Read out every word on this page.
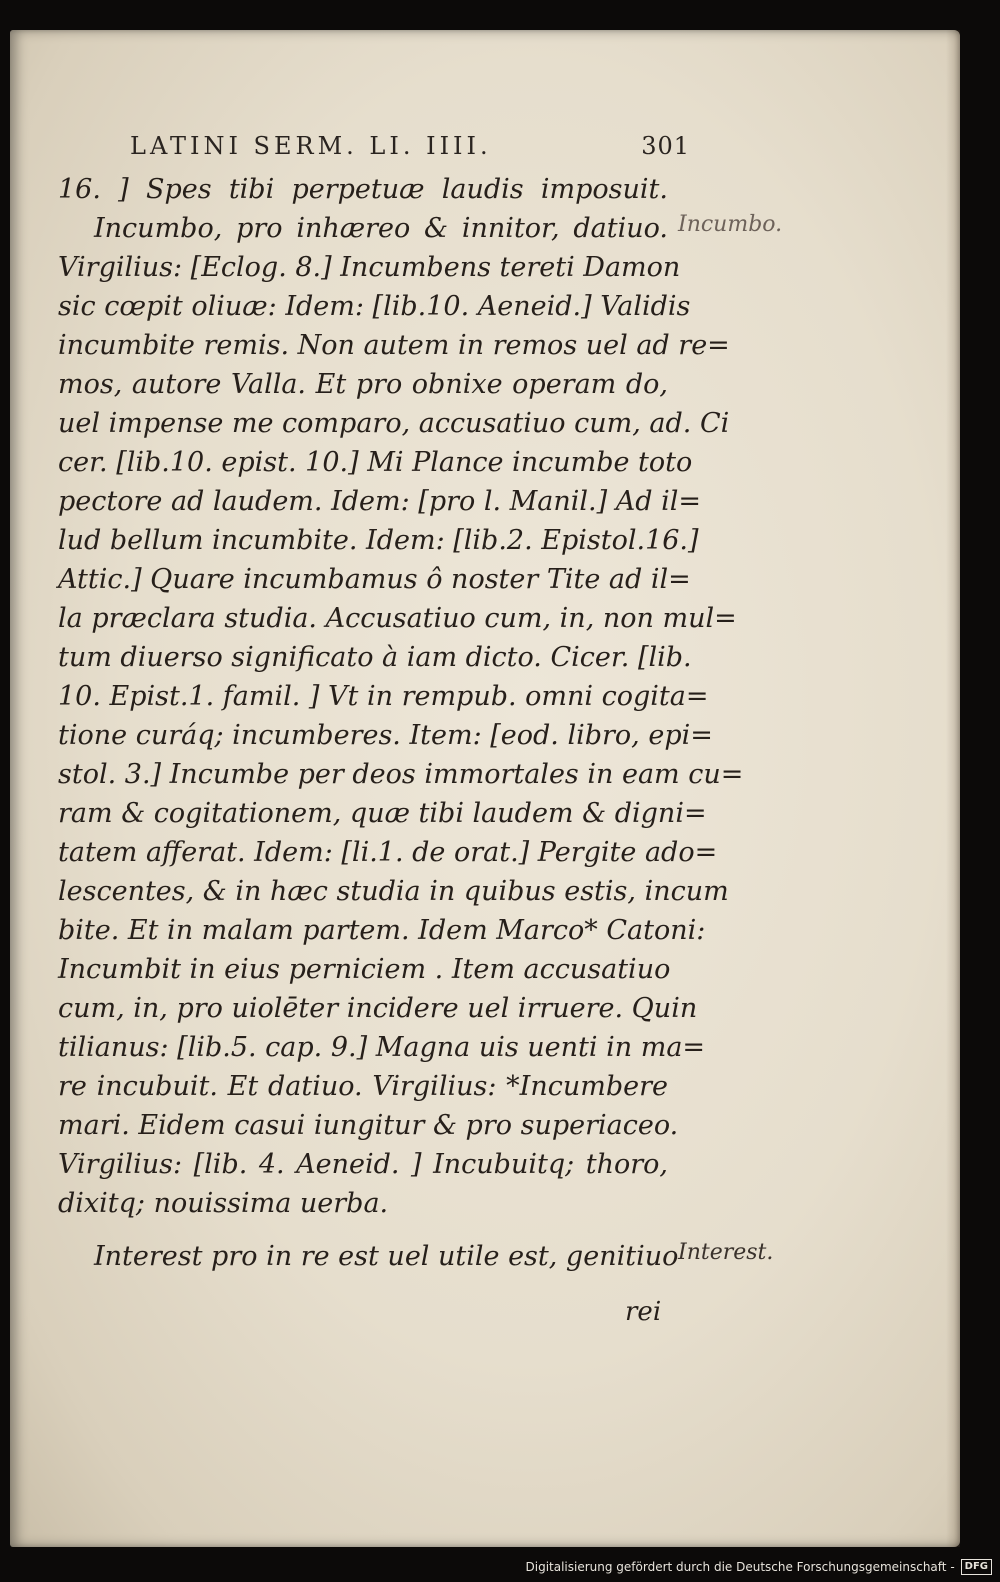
LATINI SERM. LI. IIII.	301
16. ] Spes tibi perpetuæ laudis imposuit.
Incumbo, pro inhæreo & innitor, datiuo.
Virgilius: [Eclog. 8.] Incumbens tereti Damon
sic cœpit oliuæ: Idem: [lib.10. Aeneid.] Validis
incumbite remis. Non autem in remos uel ad re=
mos, autore Valla. Et pro obnixe operam do,
uel impense me comparo, accusatiuo cum, ad. Ci
cer. [lib.10. epist. 10.] Mi Plance incumbe toto
pectore ad laudem. Idem: [pro l. Manil.] Ad il=
lud bellum incumbite. Idem: [lib.2. Epistol.16.]
Attic.] Quare incumbamus ô noster Tite ad il=
la præclara studia. Accusatiuo cum, in, non mul=
tum diuerso significato à iam dicto. Cicer. [lib.
10. Epist.1. famil. ] Vt in rempub. omni cogita=
tione curáq; incumberes. Item: [eod. libro, epi=
stol. 3.] Incumbe per deos immortales in eam cu=
ram & cogitationem, quæ tibi laudem & digni=
tatem afferat. Idem: [li.1. de orat.] Pergite ado=
lescentes, & in hæc studia in quibus estis, incum
bite. Et in malam partem. Idem Marco* Catoni:
Incumbit in eius perniciem . Item accusatiuo
cum, in, pro uiolēter incidere uel irruere. Quin
tilianus: [lib.5. cap. 9.] Magna uis uenti in ma=
re incubuit. Et datiuo. Virgilius: *Incumbere
mari. Eidem casui iungitur & pro superiaceo.
Virgilius: [lib. 4. Aeneid. ] Incubuitq; thoro,
dixitq; nouissima uerba.
Interest pro in re est uel utile est, genitiuo
Incumbo.
Interest.
rei
Digitalisierung gefördert durch die Deutsche Forschungsgemeinschaft -	DFG
